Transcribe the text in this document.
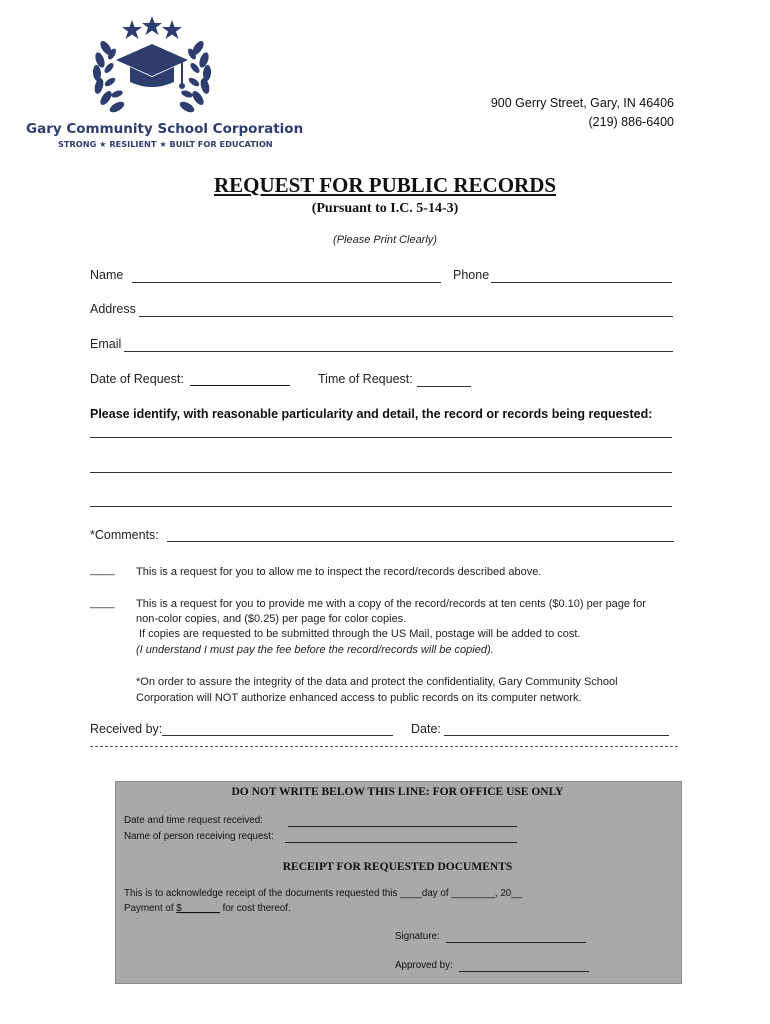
Gary Community School Corporation
STRONG ★ RESILIENT ★ BUILT FOR EDUCATION
900 Gerry Street, Gary, IN 46406
(219) 886-6400
REQUEST FOR PUBLIC RECORDS
(Pursuant to I.C. 5-14-3)
(Please Print Clearly)
Name	Phone
Address
Email
Date of Request:	Time of Request:
Please identify, with reasonable particularity and detail, the record or records being requested:
*Comments:
____ This is a request for you to allow me to inspect the record/records described above.
____ This is a request for you to provide me with a copy of the record/records at ten cents ($0.10) per page for
non-color copies, and ($0.25) per page for color copies.
If copies are requested to be submitted through the US Mail, postage will be added to cost.
(I understand I must pay the fee before the record/records will be copied).
*On order to assure the integrity of the data and protect the confidentiality, Gary Community School
Corporation will NOT authorize enhanced access to public records on its computer network.
Received by:	Date:
DO NOT WRITE BELOW THIS LINE: FOR OFFICE USE ONLY
Date and time request received:
Name of person receiving request:
RECEIPT FOR REQUESTED DOCUMENTS
This is to acknowledge receipt of the documents requested this ____day of ________, 20__
Payment of $_______ for cost thereof.
Signature:
Approved by:
